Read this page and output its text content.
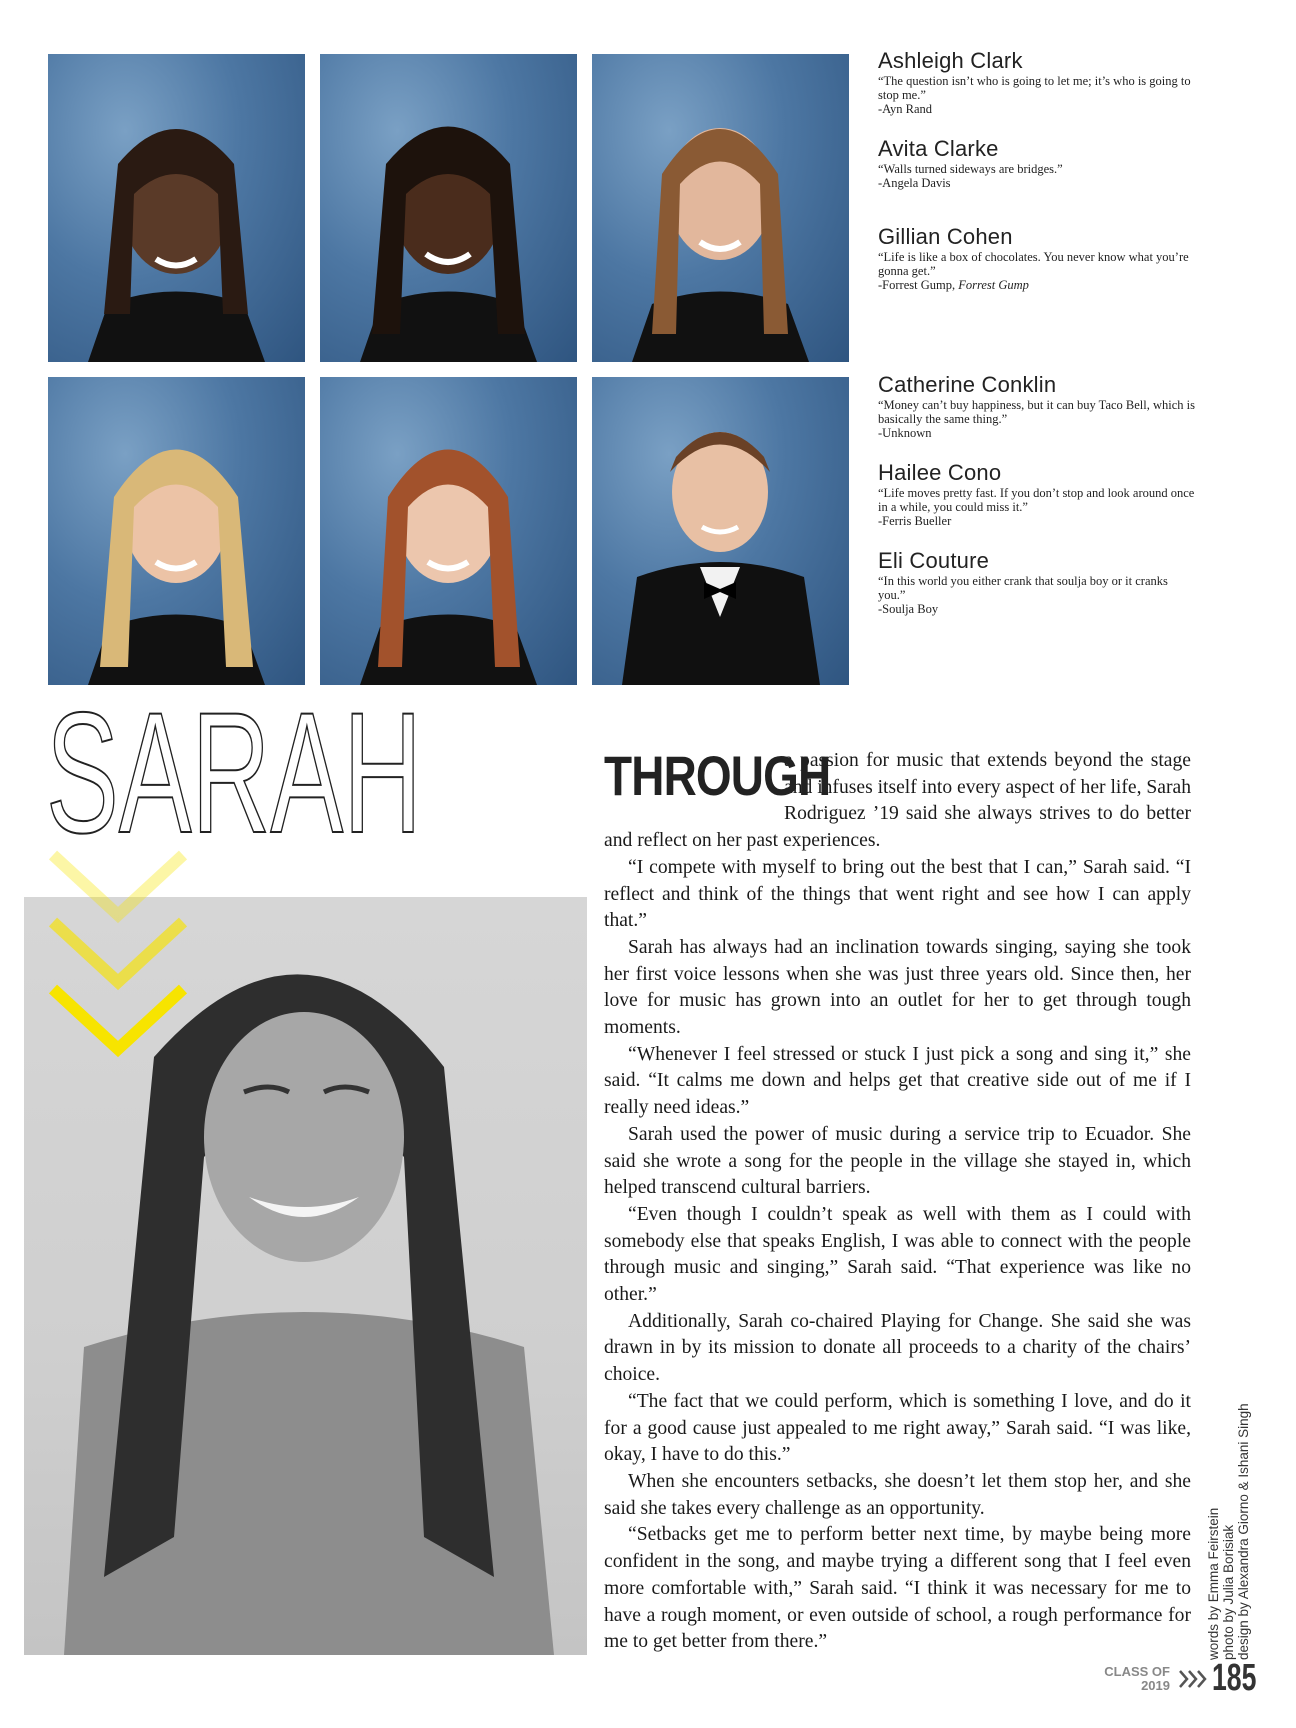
Ashleigh Clark
“The question isn’t who is going to let me; it’s who is going to stop me.”
-Ayn Rand
Avita Clarke
“Walls turned sideways are bridges.”
-Angela Davis
Gillian Cohen
“Life is like a box of chocolates. You never know what you’re gonna get.”
-Forrest Gump, Forrest Gump
Catherine Conklin
“Money can’t buy happiness, but it can buy Taco Bell, which is basically the same thing.”
-Unknown
Hailee Cono
“Life moves pretty fast. If you don’t stop and look around once in a while, you could miss it.”
-Ferris Bueller
Eli Couture
“In this world you either crank that soulja boy or it cranks you.”
-Soulja Boy
SARAH	THROUGH

a passion for music that extends beyond the stage and infuses itself into every aspect of her life, Sarah Rodriguez ’19 said she always strives to do better and reflect on her past experiences.

“I compete with myself to bring out the best that I can,” Sarah said. “I reflect and think of the things that went right and see how I can apply that.”

Sarah has always had an inclination towards singing, saying she took her first voice lessons when she was just three years old. Since then, her love for music has grown into an outlet for her to get through tough moments.

“Whenever I feel stressed or stuck I just pick a song and sing it,” she said. “It calms me down and helps get that creative side out of me if I really need ideas.”

Sarah used the power of music during a service trip to Ecuador. She said she wrote a song for the people in the village she stayed in, which helped transcend cultural barriers.

“Even though I couldn’t speak as well with them as I could with somebody else that speaks English, I was able to connect with the people through music and singing,” Sarah said. “That experience was like no other.”

Additionally, Sarah co-chaired Playing for Change. She said she was drawn in by its mission to donate all proceeds to a charity of the chairs’ choice.

“The fact that we could perform, which is something I love, and do it for a good cause just appealed to me right away,” Sarah said. “I was like, okay, I have to do this.”

When she encounters setbacks, she doesn’t let them stop her, and she said she takes every challenge as an opportunity.

“Setbacks get me to perform better next time, by maybe being more confident in the song, and maybe trying a different song that I feel even more comfortable with,” Sarah said. “I think it was necessary for me to have a rough moment, or even outside of school, a rough performance for me to get better from there.”	words by Emma Feirstein photo by Julia Borisiak design by Alexandra Giorno & Ishani Singh
CLASS OF
2019 185
